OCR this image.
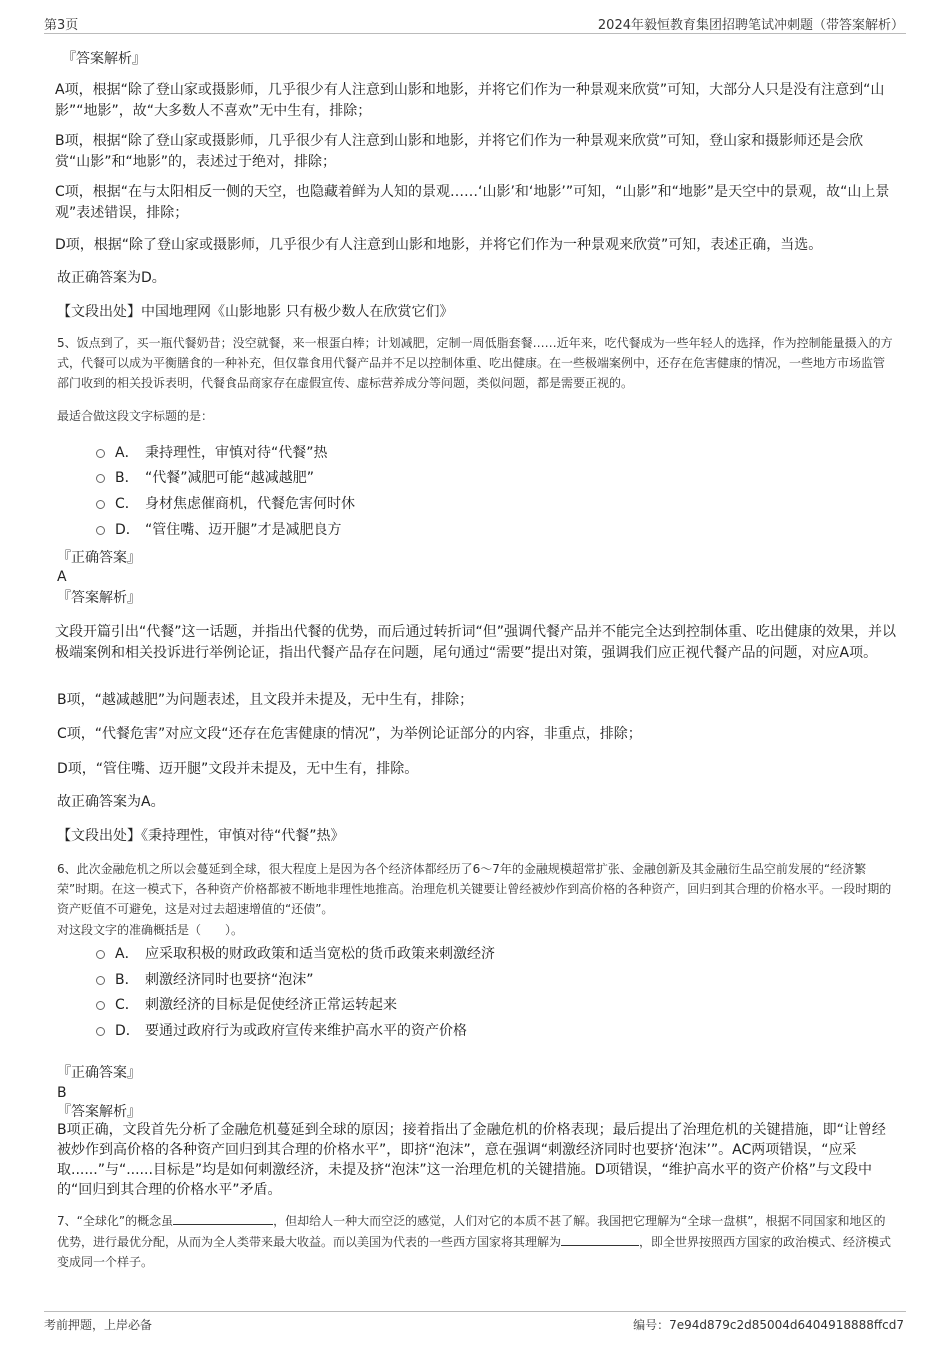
第3页	2024年毅恒教育集团招聘笔试冲刺题（带答案解析）
『答案解析』
A项，根据“除了登山家或摄影师，几乎很少有人注意到山影和地影，并将它们作为一种景观来欣赏”可知，大部分人只是没有注意到“山影”“地影”，故“大多数人不喜欢”无中生有，排除；
B项，根据“除了登山家或摄影师，几乎很少有人注意到山影和地影，并将它们作为一种景观来欣赏”可知，登山家和摄影师还是会欣赏“山影”和“地影”的，表述过于绝对，排除；
C项，根据“在与太阳相反一侧的天空，也隐藏着鲜为人知的景观……‘山影’和‘地影’”可知，“山影”和“地影”是天空中的景观，故“山上景观”表述错误，排除；
D项，根据“除了登山家或摄影师，几乎很少有人注意到山影和地影，并将它们作为一种景观来欣赏”可知，表述正确，当选。
故正确答案为D。
【文段出处】中国地理网《山影地影 只有极少数人在欣赏它们》
5、饭点到了，买一瓶代餐奶昔；没空就餐，来一根蛋白棒；计划减肥，定制一周低脂套餐……近年来，吃代餐成为一些年轻人的选择，作为控制能量摄入的方式，代餐可以成为平衡膳食的一种补充，但仅靠食用代餐产品并不足以控制体重、吃出健康。在一些极端案例中，还存在危害健康的情况，一些地方市场监管部门收到的相关投诉表明，代餐食品商家存在虚假宣传、虚标营养成分等问题，类似问题，都是需要正视的。
最适合做这段文字标题的是：
A． 秉持理性，审慎对待“代餐”热
B． “代餐”减肥可能“越减越肥”
C． 身材焦虑催商机，代餐危害何时休
D． “管住嘴、迈开腿”才是减肥良方
『正确答案』
A
『答案解析』
文段开篇引出“代餐”这一话题，并指出代餐的优势，而后通过转折词“但”强调代餐产品并不能完全达到控制体重、吃出健康的效果，并以极端案例和相关投诉进行举例论证，指出代餐产品存在问题，尾句通过“需要”提出对策，强调我们应正视代餐产品的问题，对应A项。
B项，“越减越肥”为问题表述，且文段并未提及，无中生有，排除；
C项，“代餐危害”对应文段“还存在危害健康的情况”，为举例论证部分的内容，非重点，排除；
D项，“管住嘴、迈开腿”文段并未提及，无中生有，排除。
故正确答案为A。
【文段出处】《秉持理性，审慎对待“代餐”热》
6、此次金融危机之所以会蔓延到全球，很大程度上是因为各个经济体都经历了6～7年的金融规模超常扩张、金融创新及其金融衍生品空前发展的“经济繁荣”时期。在这一模式下，各种资产价格都被不断地非理性地推高。治理危机关键要让曾经被炒作到高价格的各种资产，回归到其合理的价格水平。一段时期的资产贬值不可避免，这是对过去超速增值的“还债”。
对这段文字的准确概括是（　　）。
A． 应采取积极的财政政策和适当宽松的货币政策来刺激经济
B． 刺激经济同时也要挤“泡沫”
C． 刺激经济的目标是促使经济正常运转起来
D． 要通过政府行为或政府宣传来维护高水平的资产价格
『正确答案』
B
『答案解析』
B项正确，文段首先分析了金融危机蔓延到全球的原因；接着指出了金融危机的价格表现；最后提出了治理危机的关键措施，即“让曾经被炒作到高价格的各种资产回归到其合理的价格水平”，即挤“泡沫”，意在强调“刺激经济同时也要挤‘泡沫’”。AC两项错误，“应采取......”与“......目标是”均是如何刺激经济，未提及挤“泡沫”这一治理危机的关键措施。D项错误，“维护高水平的资产价格”与文段中的“回归到其合理的价格水平”矛盾。
7、“全球化”的概念虽	，但却给人一种大而空泛的感觉，人们对它的本质不甚了解。我国把它理解为“全球一盘棋”，根据不同国家和地区的优势，进行最优分配，从而为全人类带来最大收益。而以美国为代表的一些西方国家将其理解为	，即全世界按照西方国家的政治模式、经济模式变成同一个样子。
考前押题，上岸必备	编号：7e94d879c2d85004d6404918888ffcd7
